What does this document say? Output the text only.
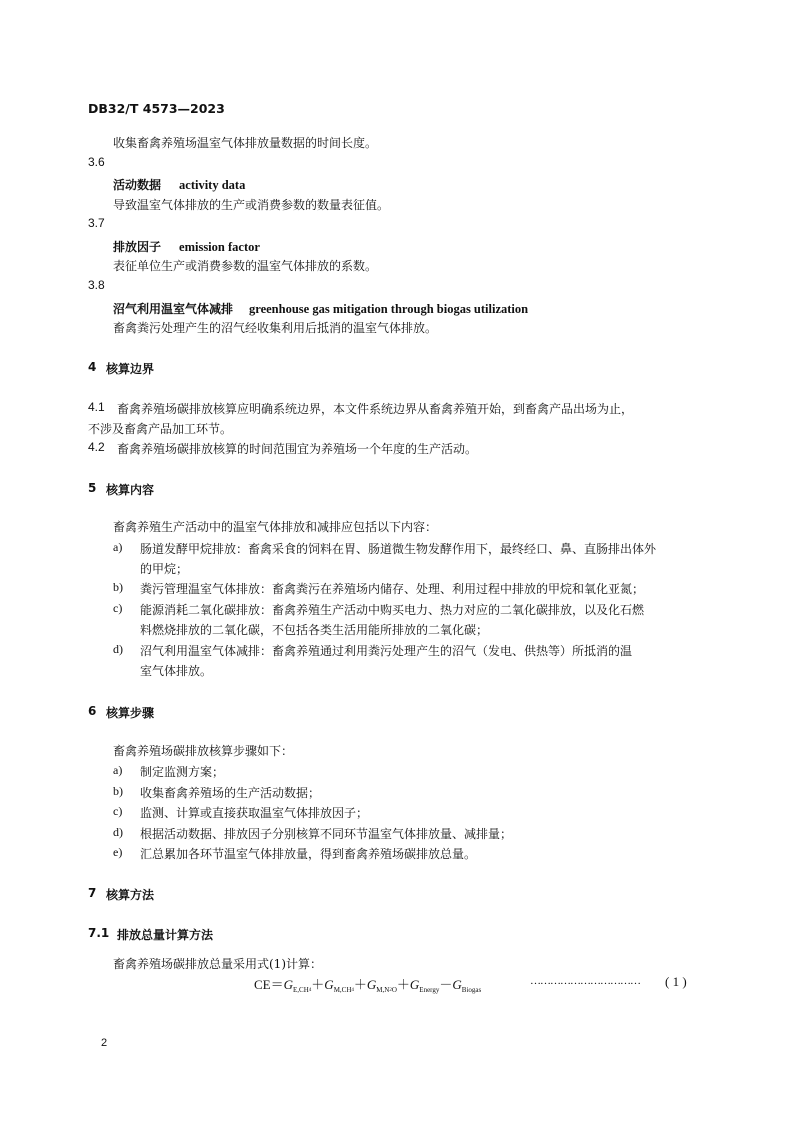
DB32/T 4573—2023
收集畜禽养殖场温室气体排放量数据的时间长度。
3.6
活动数据 activity data
导致温室气体排放的生产或消费参数的数量表征值。
3.7
排放因子 emission factor
表征单位生产或消费参数的温室气体排放的系数。
3.8
沼气利用温室气体减排 greenhouse gas mitigation through biogas utilization
畜禽粪污处理产生的沼气经收集利用后抵消的温室气体排放。
4 核算边界
4.1 畜禽养殖场碳排放核算应明确系统边界，本文件系统边界从畜禽养殖开始，到畜禽产品出场为止，
不涉及畜禽产品加工环节。
4.2 畜禽养殖场碳排放核算的时间范围宜为养殖场一个年度的生产活动。
5 核算内容
畜禽养殖生产活动中的温室气体排放和减排应包括以下内容：
a) 肠道发酵甲烷排放：畜禽采食的饲料在胃、肠道微生物发酵作用下，最终经口、鼻、直肠排出体外
的甲烷；
b) 粪污管理温室气体排放：畜禽粪污在养殖场内储存、处理、利用过程中排放的甲烷和氧化亚氮；
c) 能源消耗二氧化碳排放：畜禽养殖生产活动中购买电力、热力对应的二氧化碳排放，以及化石燃
料燃烧排放的二氧化碳，不包括各类生活用能所排放的二氧化碳；
d) 沼气利用温室气体减排：畜禽养殖通过利用粪污处理产生的沼气（发电、供热等）所抵消的温
室气体排放。
6 核算步骤
畜禽养殖场碳排放核算步骤如下：
a) 制定监测方案；
b) 收集畜禽养殖场的生产活动数据；
c) 监测、计算或直接获取温室气体排放因子；
d) 根据活动数据、排放因子分别核算不同环节温室气体排放量、减排量；
e) 汇总累加各环节温室气体排放量，得到畜禽养殖场碳排放总量。
7 核算方法
7.1 排放总量计算方法
畜禽养殖场碳排放总量采用式(1)计算：
$CE=G_{E,CH}4+G_{M,CH}4+G_{M,N}2_O+G_{Energy}-G_{Biogas}$
…………………………… ( 1 )
2
